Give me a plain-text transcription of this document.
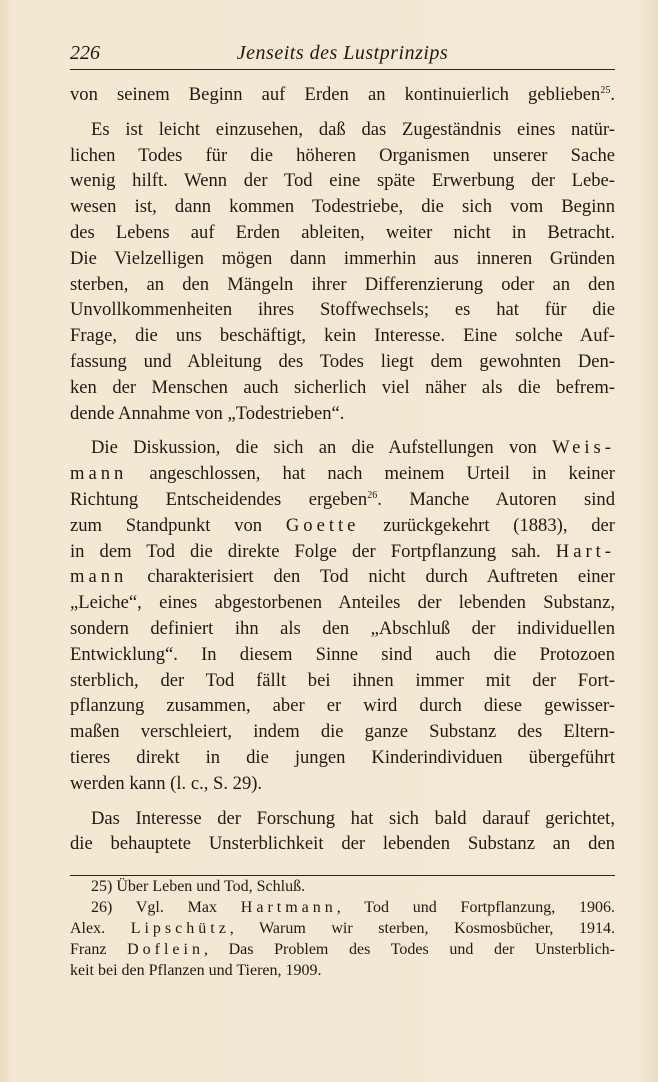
226	Jenseits des Lustprinzips
von seinem Beginn auf Erden an kontinuierlich geblieben$^{25}$.
Es ist leicht einzusehen, daß das Zugeständnis eines natür-
lichen Todes für die höheren Organismen unserer Sache
wenig hilft. Wenn der Tod eine späte Erwerbung der Lebe-
wesen ist, dann kommen Todestriebe, die sich vom Beginn
des Lebens auf Erden ableiten, weiter nicht in Betracht.
Die Vielzelligen mögen dann immerhin aus inneren Gründen
sterben, an den Mängeln ihrer Differenzierung oder an den
Unvollkommenheiten ihres Stoffwechsels; es hat für die
Frage, die uns beschäftigt, kein Interesse. Eine solche Auf-
fassung und Ableitung des Todes liegt dem gewohnten Den-
ken der Menschen auch sicherlich viel näher als die befrem-
dende Annahme von „Todestrieben“.
Die Diskussion, die sich an die Aufstellungen von Weis-
mann angeschlossen, hat nach meinem Urteil in keiner
Richtung Entscheidendes ergeben$^{26}$. Manche Autoren sind
zum Standpunkt von Goette zurückgekehrt (1883), der
in dem Tod die direkte Folge der Fortpflanzung sah. Hart-
mann charakterisiert den Tod nicht durch Auftreten einer
„Leiche“, eines abgestorbenen Anteiles der lebenden Substanz,
sondern definiert ihn als den „Abschluß der individuellen
Entwicklung“. In diesem Sinne sind auch die Protozoen
sterblich, der Tod fällt bei ihnen immer mit der Fort-
pflanzung zusammen, aber er wird durch diese gewisser-
maßen verschleiert, indem die ganze Substanz des Eltern-
tieres direkt in die jungen Kinderindividuen übergeführt
werden kann (l. c., S. 29).
Das Interesse der Forschung hat sich bald darauf gerichtet,
die behauptete Unsterblichkeit der lebenden Substanz an den
25) Über Leben und Tod, Schluß.
26) Vgl. Max Hartmann, Tod und Fortpflanzung, 1906.
Alex. Lipschütz, Warum wir sterben, Kosmosbücher, 1914.
Franz Doflein, Das Problem des Todes und der Unsterblich-
keit bei den Pflanzen und Tieren, 1909.
